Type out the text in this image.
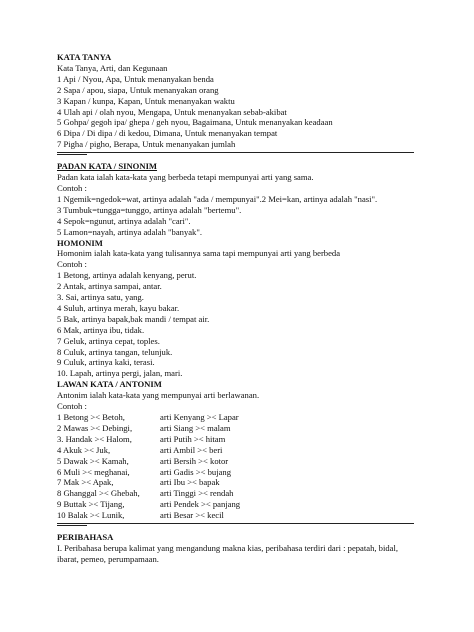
KATA TANYA
Kata Tanya, Arti, dan Kegunaan
1 Api / Nyou, Apa, Untuk menanyakan benda
2 Sapa / apou, siapa, Untuk menanyakan orang
3 Kapan / kunpa, Kapan, Untuk menanyakan waktu
4 Ulah api / olah nyou, Mengapa, Untuk menanyakan sebab-akibat
5 Gohpa/ gegoh ipa/ ghepa / geh nyou, Bagaimana, Untuk menanyakan keadaan
6 Dipa / Di dipa / di kedou, Dimana, Untuk menanyakan tempat
7 Pigha / pigho, Berapa, Untuk menanyakan jumlah
PADAN KATA / SINONIM
Padan kata ialah kata-kata yang berbeda tetapi mempunyai arti yang sama.
Contoh :
1 Ngemik=ngedok=wat, artinya adalah "ada / mempunyai".2 Mei=kan, artinya adalah "nasi".
3 Tumbuk=tungga=tunggo, artinya adalah "bertemu".
4 Sepok=ngunut, artinya adalah "cari".
5 Lamon=nayah, artinya adalah "banyak".
HOMONIM
Homonim ialah kata-kata yang tulisannya sama tapi mempunyai arti yang berbeda
Contoh :
1 Betong, artinya adalah kenyang, perut.
2 Antak, artinya sampai, antar.
3. Sai, artinya satu, yang.
4 Suluh, artinya merah, kayu bakar.
5 Bak, artinya bapak,bak mandi / tempat air.
6 Mak, artinya ibu, tidak.
7 Geluk, artinya cepat, toples.
8 Culuk, artinya tangan, telunjuk.
9 Culuk, artinya kaki, terasi.
10. Lapah, artinya pergi, jalan, mari.
LAWAN KATA / ANTONIM
Antonim ialah kata-kata yang mempunyai arti berlawanan.
Contoh :
1 Betong >< Betoh,	arti Kenyang >< Lapar
2 Mawas >< Debingi,	arti Siang >< malam
3. Handak >< Halom,	arti Putih >< hitam
4 Akuk >< Juk,	arti Ambil >< beri
5 Dawak >< Kamah,	arti Bersih >< kotor
6 Muli >< meghanai,	arti Gadis >< bujang
7 Mak >< Apak,	arti Ibu >< bapak
8 Ghanggal >< Ghebah,	arti Tinggi >< rendah
9 Buttak >< Tijang,	arti Pendek >< panjang
10 Balak >< Lunik,	arti Besar >< kecil
PERIBAHASA
I. Peribahasa berupa kalimat yang mengandung makna kias, peribahasa terdiri dari : pepatah, bidal, ibarat, pemeo, perumpamaan.
